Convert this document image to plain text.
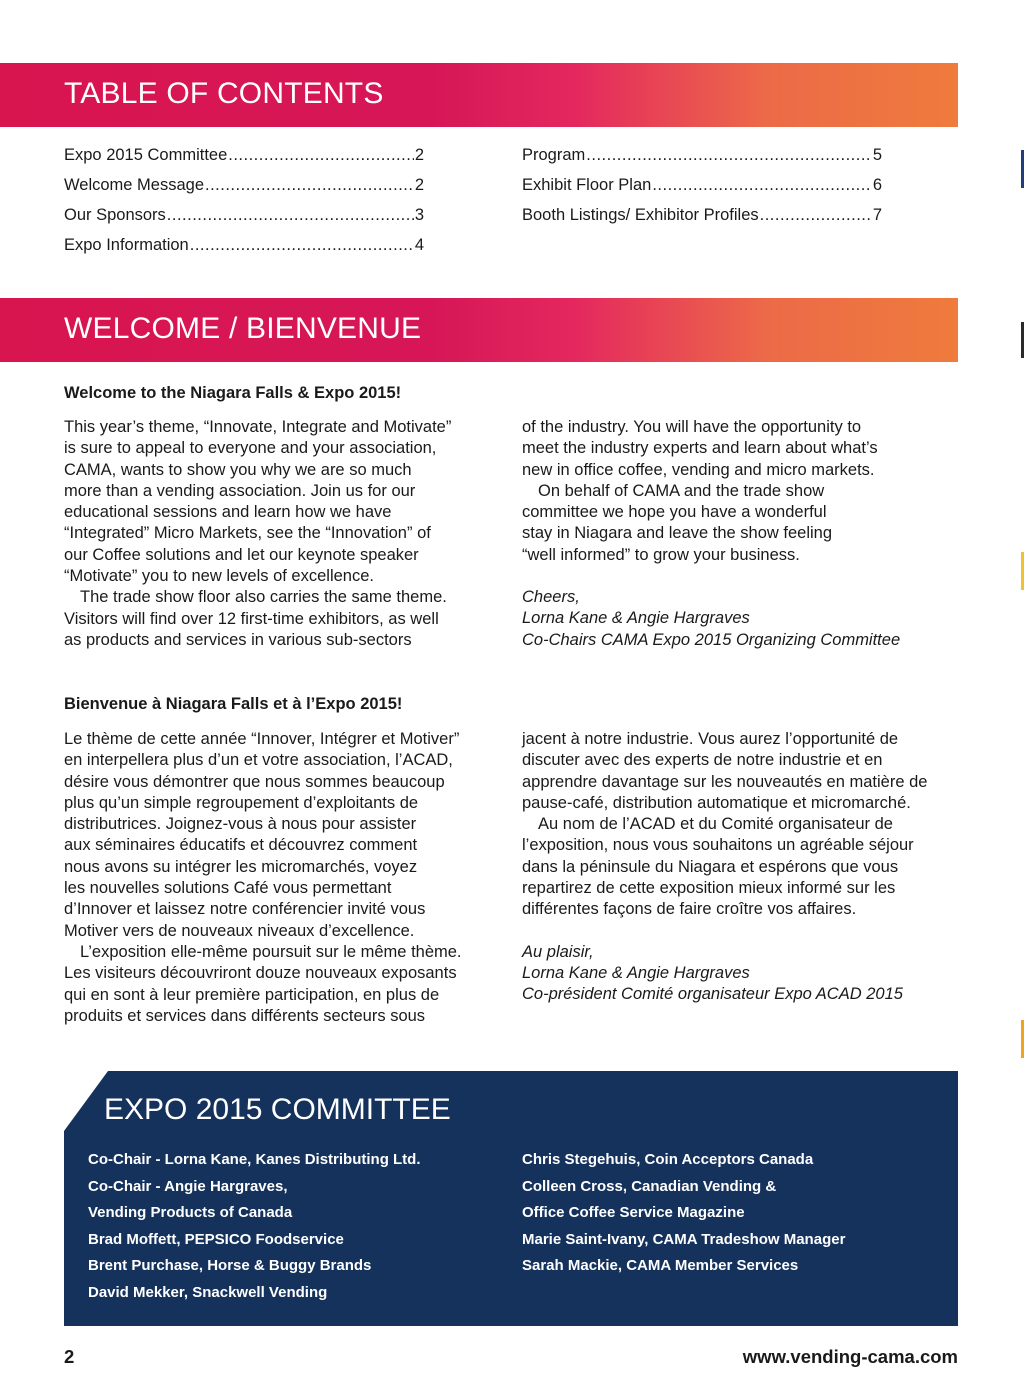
TABLE OF CONTENTS
Expo 2015 Committee .....	2
Welcome Message .....	2
Our Sponsors .....	3
Expo Information .....	4
Program .....	5
Exhibit Floor Plan .....	6
Booth Listings/ Exhibitor Profiles .....	7
WELCOME / BIENVENUE
Welcome to the Niagara Falls & Expo 2015!

This year’s theme, “Innovate, Integrate and Motivate”

is sure to appeal to everyone and your association,

CAMA, wants to show you why we are so much

more than a vending association. Join us for our

educational sessions and learn how we have

“Integrated” Micro Markets, see the “Innovation” of

our Coffee solutions and let our keynote speaker

“Motivate” you to new levels of excellence.

The trade show floor also carries the same theme.

Visitors will find over 12 first-time exhibitors, as well

as products and services in various sub-sectors

of the industry. You will have the opportunity to

meet the industry experts and learn about what’s

new in office coffee, vending and micro markets.

On behalf of CAMA and the trade show

committee we hope you have a wonderful

stay in Niagara and leave the show feeling

“well informed” to grow your business.

Cheers,

Lorna Kane & Angie Hargraves

Co-Chairs CAMA Expo 2015 Organizing Committee

Bienvenue à Niagara Falls et à l’Expo 2015!

Le thème de cette année “Innover, Intégrer et Motiver”

en interpellera plus d’un et votre association, l’ACAD,

désire vous démontrer que nous sommes beaucoup

plus qu’un simple regroupement d’exploitants de

distributrices. Joignez-vous à nous pour assister

aux séminaires éducatifs et découvrez comment

nous avons su intégrer les micromarchés, voyez

les nouvelles solutions Café vous permettant

d’Innover et laissez notre conférencier invité vous

Motiver vers de nouveaux niveaux d’excellence.

L’exposition elle-même poursuit sur le même thème.

Les visiteurs découvriront douze nouveaux exposants

qui en sont à leur première participation, en plus de

produits et services dans différents secteurs sous

jacent à notre industrie. Vous aurez l’opportunité de

discuter avec des experts de notre industrie et en

apprendre davantage sur les nouveautés en matière de

pause-café, distribution automatique et micromarché.

Au nom de l’ACAD et du Comité organisateur de

l’exposition, nous vous souhaitons un agréable séjour

dans la péninsule du Niagara et espérons que vous

repartirez de cette exposition mieux informé sur les

différentes façons de faire croître vos affaires.

Au plaisir,

Lorna Kane & Angie Hargraves

Co-président Comité organisateur Expo ACAD 2015

EXPO 2015 COMMITTEE
Co-Chair - Lorna Kane, Kanes Distributing Ltd.
Co-Chair - Angie Hargraves,
Vending Products of Canada
Brad Moffett, PEPSICO Foodservice
Brent Purchase, Horse & Buggy Brands
David Mekker, Snackwell Vending
Chris Stegehuis, Coin Acceptors Canada
Colleen Cross, Canadian Vending &
Office Coffee Service Magazine
Marie Saint-Ivany, CAMA Tradeshow Manager
Sarah Mackie, CAMA Member Services
2	www.vending-cama.com
